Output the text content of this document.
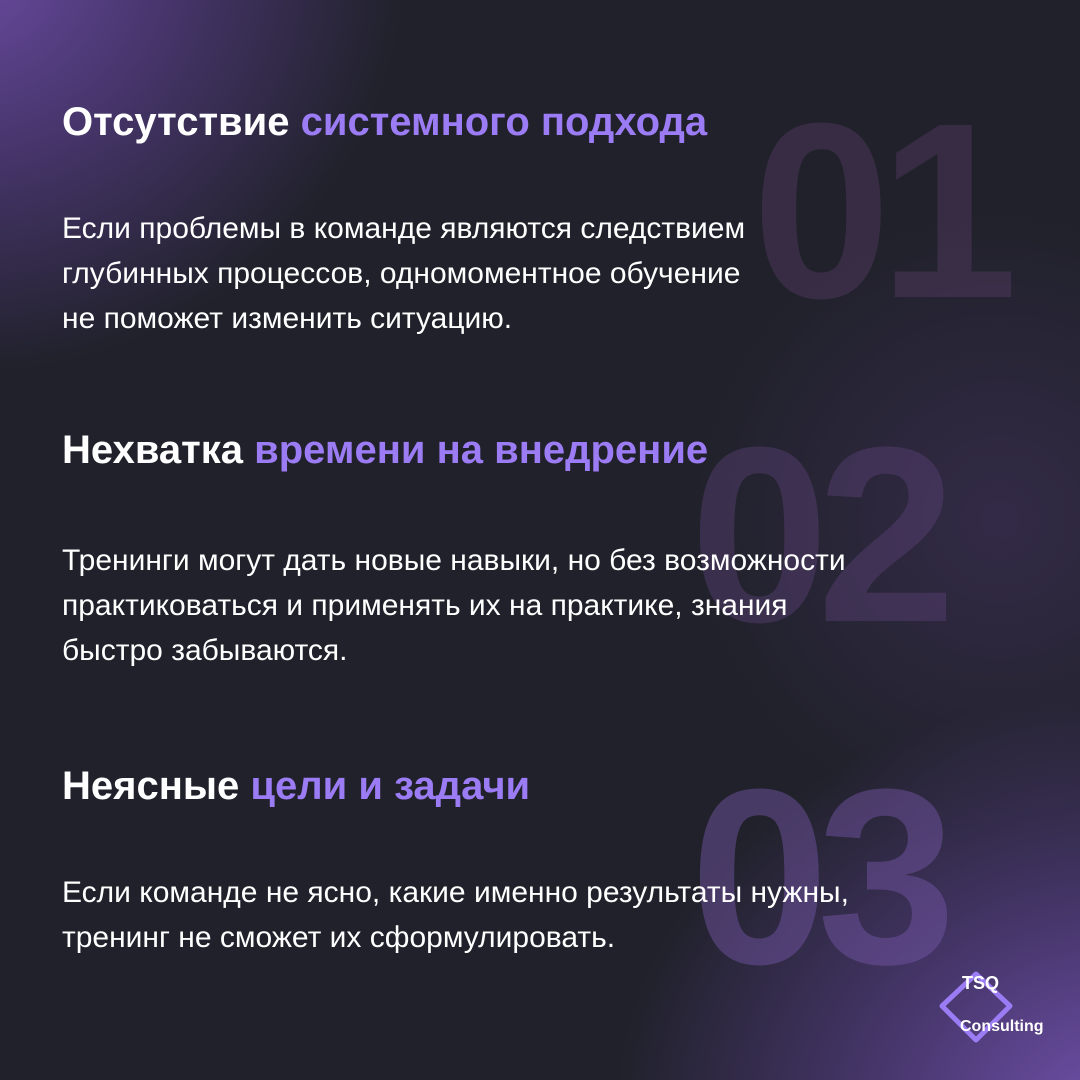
01
02
03

Отсутствие системного подхода

Если проблемы в команде являются следствием
глубинных процессов, одномоментное обучение
не поможет изменить ситуацию.

Нехватка времени на внедрение

Тренинги могут дать новые навыки, но без возможности
практиковаться и применять их на практике, знания
быстро забываются.

Неясные цели и задачи

Если команде не ясно, какие именно результаты нужны,
тренинг не сможет их сформулировать.

TSQ
Consulting
